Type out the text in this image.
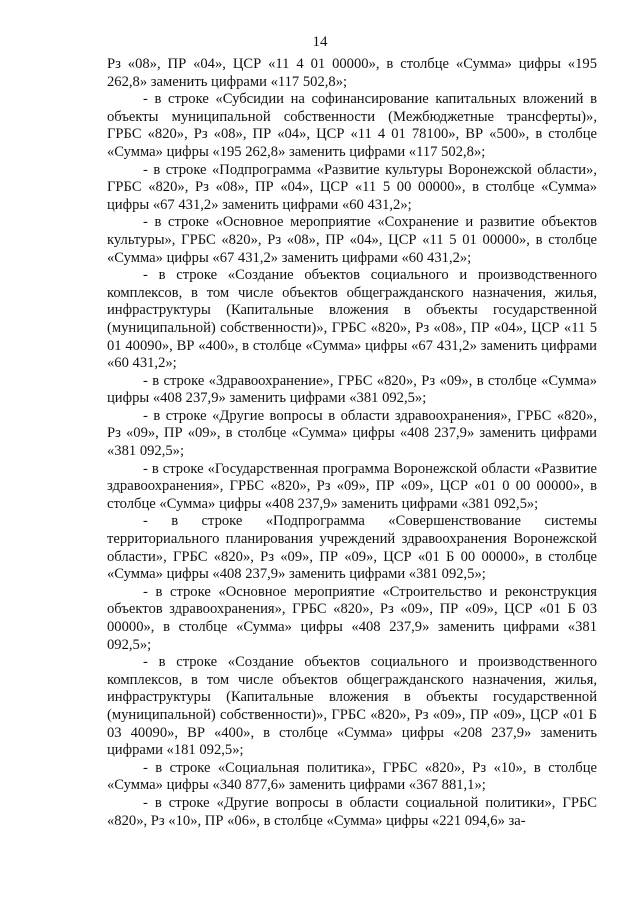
14

Рз «08», ПР «04», ЦСР «11 4 01 00000», в столбце «Сумма» цифры «195 262,8» заменить цифрами «117 502,8»;

- в строке «Субсидии на софинансирование капитальных вложений в объекты муниципальной собственности (Межбюджетные трансферты)», ГРБС «820», Рз «08», ПР «04», ЦСР «11 4 01 78100», ВР «500», в столбце «Сумма» цифры «195 262,8» заменить цифрами «117 502,8»;

- в строке «Подпрограмма «Развитие культуры Воронежской области», ГРБС «820», Рз «08», ПР «04», ЦСР «11 5 00 00000», в столбце «Сумма» цифры «67 431,2» заменить цифрами «60 431,2»;

- в строке «Основное мероприятие «Сохранение и развитие объектов культуры», ГРБС «820», Рз «08», ПР «04», ЦСР «11 5 01 00000», в столбце «Сумма» цифры «67 431,2» заменить цифрами «60 431,2»;

- в строке «Создание объектов социального и производственного комплексов, в том числе объектов общегражданского назначения, жилья, инфраструктуры (Капитальные вложения в объекты государственной (муниципальной) собственности)», ГРБС «820», Рз «08», ПР «04», ЦСР «11 5 01 40090», ВР «400», в столбце «Сумма» цифры «67 431,2» заменить цифрами «60 431,2»;

- в строке «Здравоохранение», ГРБС «820», Рз «09», в столбце «Сумма» цифры «408 237,9» заменить цифрами «381 092,5»;

- в строке «Другие вопросы в области здравоохранения», ГРБС «820», Рз «09», ПР «09», в столбце «Сумма» цифры «408 237,9» заменить цифрами «381 092,5»;

- в строке «Государственная программа Воронежской области «Развитие здравоохранения», ГРБС «820», Рз «09», ПР «09», ЦСР «01 0 00 00000», в столбце «Сумма» цифры «408 237,9» заменить цифрами «381 092,5»;

- в строке «Подпрограмма «Совершенствование системы территориального планирования учреждений здравоохранения Воронежской области», ГРБС «820», Рз «09», ПР «09», ЦСР «01 Б 00 00000», в столбце «Сумма» цифры «408 237,9» заменить цифрами «381 092,5»;

- в строке «Основное мероприятие «Строительство и реконструкция объектов здравоохранения», ГРБС «820», Рз «09», ПР «09», ЦСР «01 Б 03 00000», в столбце «Сумма» цифры «408 237,9» заменить цифрами «381 092,5»;

- в строке «Создание объектов социального и производственного комплексов, в том числе объектов общегражданского назначения, жилья, инфраструктуры (Капитальные вложения в объекты государственной (муниципальной) собственности)», ГРБС «820», Рз «09», ПР «09», ЦСР «01 Б 03 40090», ВР «400», в столбце «Сумма» цифры «208 237,9» заменить цифрами «181 092,5»;

- в строке «Социальная политика», ГРБС «820», Рз «10», в столбце «Сумма» цифры «340 877,6» заменить цифрами «367 881,1»;

- в строке «Другие вопросы в области социальной политики», ГРБС «820», Рз «10», ПР «06», в столбце «Сумма» цифры «221 094,6» за-
